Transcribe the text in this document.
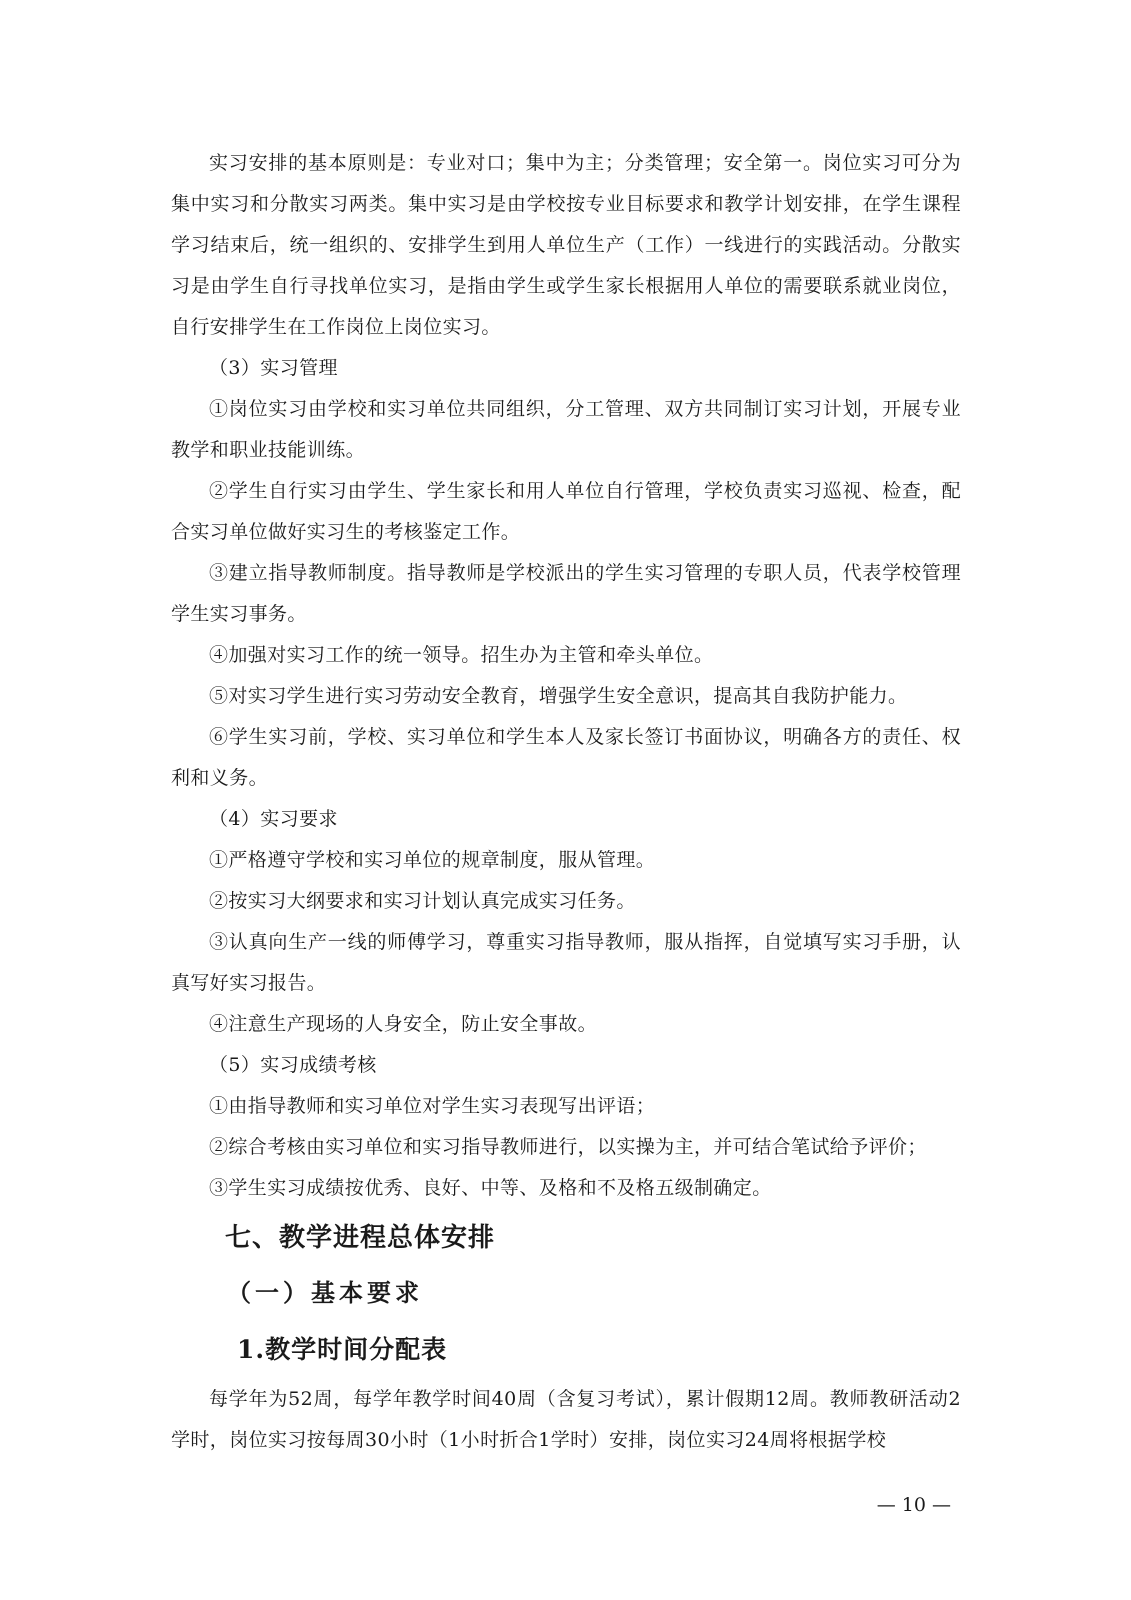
实习安排的基本原则是：专业对口；集中为主；分类管理；安全第一。岗位实习可分为集中实习和分散实习两类。集中实习是由学校按专业目标要求和教学计划安排，在学生课程学习结束后，统一组织的、安排学生到用人单位生产（工作）一线进行的实践活动。分散实习是由学生自行寻找单位实习，是指由学生或学生家长根据用人单位的需要联系就业岗位，自行安排学生在工作岗位上岗位实习。

（3）实习管理

①岗位实习由学校和实习单位共同组织，分工管理、双方共同制订实习计划，开展专业教学和职业技能训练。

②学生自行实习由学生、学生家长和用人单位自行管理，学校负责实习巡视、检查，配合实习单位做好实习生的考核鉴定工作。

③建立指导教师制度。指导教师是学校派出的学生实习管理的专职人员，代表学校管理学生实习事务。

④加强对实习工作的统一领导。招生办为主管和牵头单位。

⑤对实习学生进行实习劳动安全教育，增强学生安全意识，提高其自我防护能力。

⑥学生实习前，学校、实习单位和学生本人及家长签订书面协议，明确各方的责任、权利和义务。

（4）实习要求

①严格遵守学校和实习单位的规章制度，服从管理。

②按实习大纲要求和实习计划认真完成实习任务。

③认真向生产一线的师傅学习，尊重实习指导教师，服从指挥，自觉填写实习手册，认真写好实习报告。

④注意生产现场的人身安全，防止安全事故。

（5）实习成绩考核

①由指导教师和实习单位对学生实习表现写出评语；

②综合考核由实习单位和实习指导教师进行，以实操为主，并可结合笔试给予评价；

③学生实习成绩按优秀、良好、中等、及格和不及格五级制确定。

七、教学进程总体安排
（一）基本要求
1.教学时间分配表

每学年为52周，每学年教学时间40周（含复习考试），累计假期12周。教师教研活动2学时，岗位实习按每周30小时（1小时折合1学时）安排，岗位实习24周将根据学校

— 10 —
